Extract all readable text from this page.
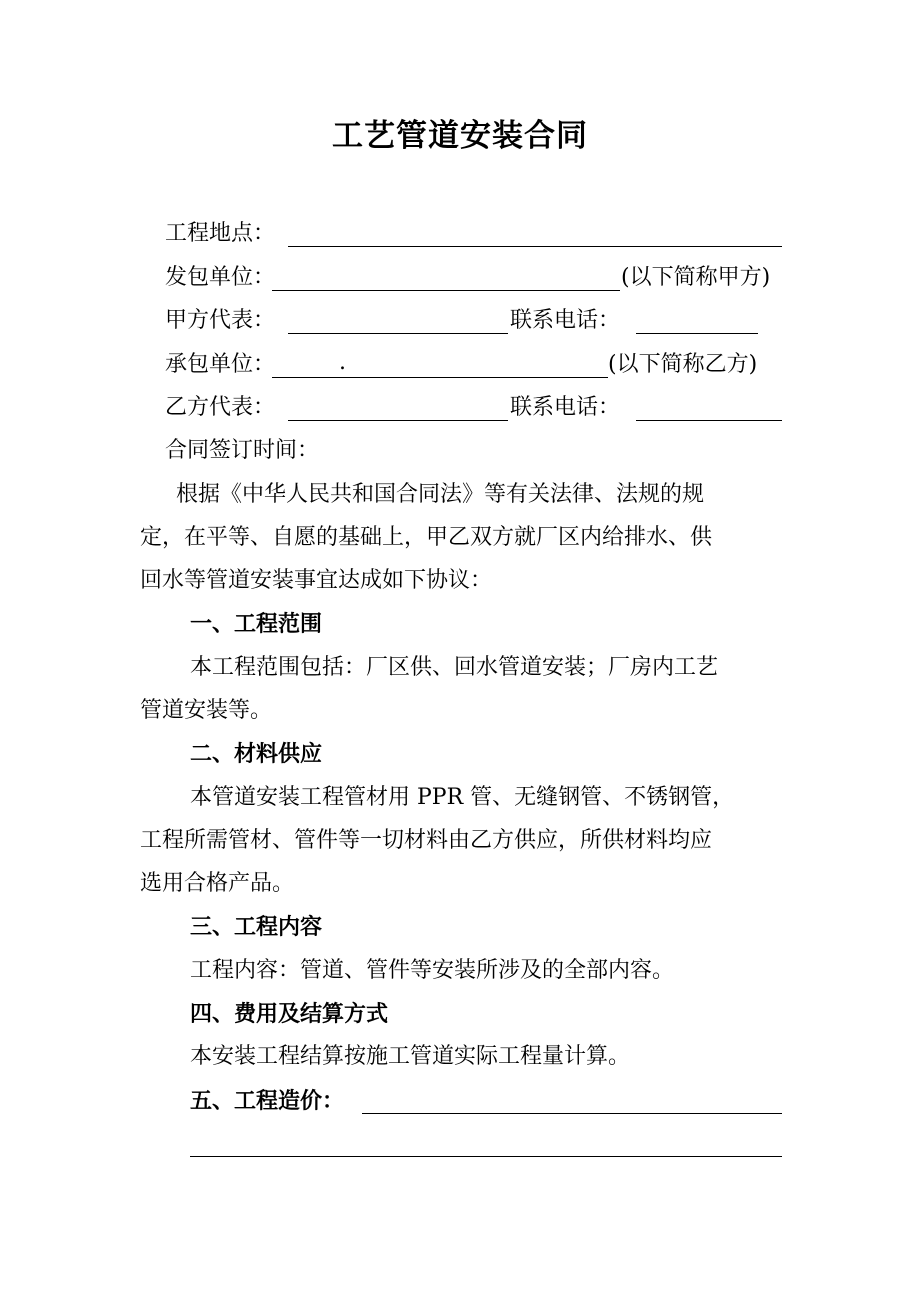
工艺管道安装合同
工程地点：
发包单位：	(以下简称甲方)
甲方代表：	联系电话：
承包单位：	.	(以下简称乙方)
乙方代表：	联系电话：
合同签订时间：
根据《中华人民共和国合同法》等有关法律、法规的规
定，在平等、自愿的基础上，甲乙双方就厂区内给排水、供
回水等管道安装事宜达成如下协议：
一、工程范围
本工程范围包括：厂区供、回水管道安装；厂房内工艺
管道安装等。
二、材料供应
本管道安装工程管材用 PPR 管、无缝钢管、不锈钢管，
工程所需管材、管件等一切材料由乙方供应，所供材料均应
选用合格产品。
三、工程内容
工程内容：管道、管件等安装所涉及的全部内容。
四、费用及结算方式
本安装工程结算按施工管道实际工程量计算。
五、工程造价：
